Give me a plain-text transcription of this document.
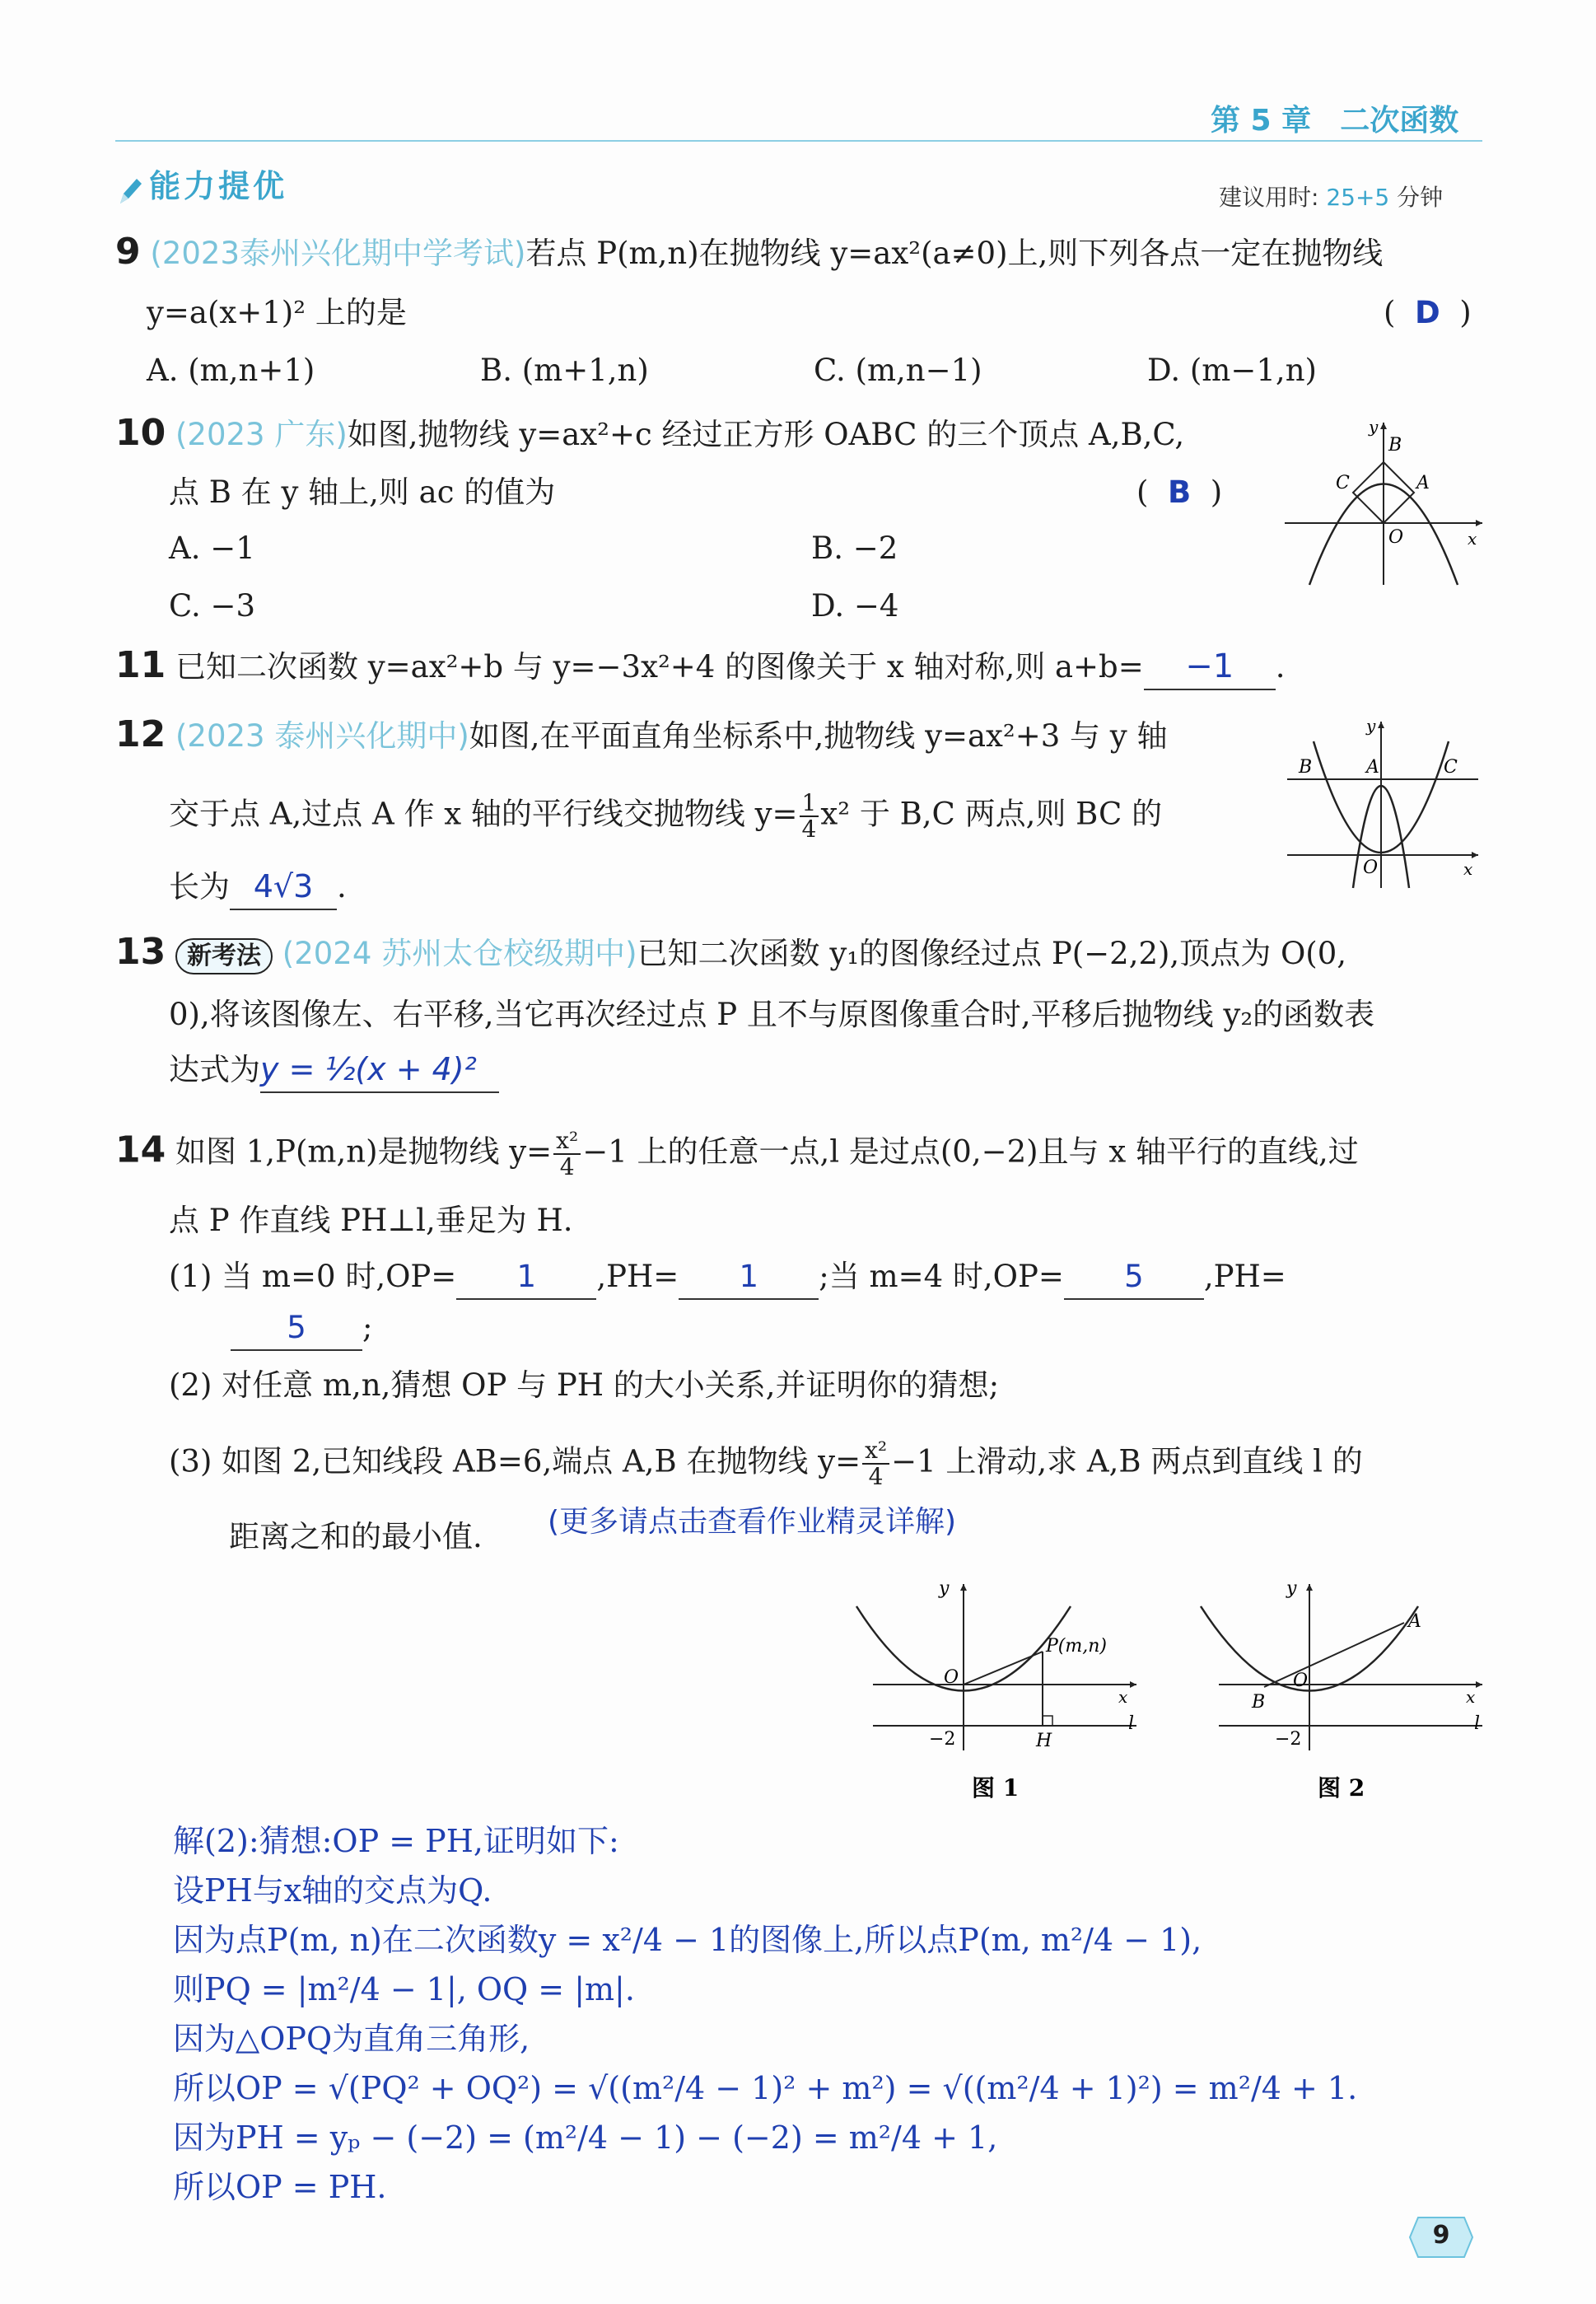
第 5 章 二次函数
能力提优	建议用时: 25+5 分钟
9 (2023泰州兴化期中学考试)若点 P(m,n)在抛物线 y=ax²(a≠0)上,则下列各点一定在抛物线
y=a(x+1)² 上的是	(  D  )
A. (m,n+1)	B. (m+1,n)	C. (m,n−1)	D. (m−1,n)
10 (2023 广东)如图,抛物线 y=ax²+c 经过正方形 OABC 的三个顶点 A,B,C,
点 B 在 y 轴上,则 ac 的值为	(  B  )
A. −1	B. −2
C. −3	D. −4
y
B
C	A
O	x
11 已知二次函数 y=ax²+b 与 y=−3x²+4 的图像关于 x 轴对称,则 a+b= −1 .
12 (2023 泰州兴化期中)如图,在平面直角坐标系中,抛物线 y=ax²+3 与 y 轴
交于点 A,过点 A 作 x 轴的平行线交抛物线 $y= \frac{1}{4} x^2$ 于 B,C 两点,则 BC 的
长为 4√3 .
y
B	A	C
O	x
13 新考法 (2024 苏州太仓校级期中)已知二次函数 y₁的图像经过点 P(−2,2),顶点为 O(0,
0),将该图像左、右平移,当它再次经过点 P 且不与原图像重合时,平移后抛物线 y₂的函数表
达式为y = ½(x + 4)²
14 如图 1,P(m,n)是抛物线 $y= \frac{\text{x²}}{4} -1$ 上的任意一点,l 是过点(0,−2)且与 x 轴平行的直线,过
点 P 作直线 PH⊥l,垂足为 H.
(1) 当 m=0 时,OP= 1 ,PH= 1 ;当 m=4 时,OP= 5 ,PH=
5 ;
(2) 对任意 m,n,猜想 OP 与 PH 的大小关系,并证明你的猜想;
(3) 如图 2,已知线段 AB=6,端点 A,B 在抛物线 $y= \frac{\text{x²}}{4} -1$ 上滑动,求 A,B 两点到直线 l 的
距离之和的最小值. (更多请点击查看作业精灵详解)
y
P(m,n)
O
x
−2	H
l
图 1
y
A
O
B	x
−2
l
图 2
解(2):猜想:OP = PH,证明如下:
设PH与x轴的交点为Q.
因为点P(m, n)在二次函数y = x²/4 − 1的图像上,所以点P(m, m²/4 − 1),
则PQ = |m²/4 − 1|, OQ = |m|.
因为△OPQ为直角三角形,
所以OP = √(PQ² + OQ²) = √((m²/4 − 1)² + m²) = √((m²/4 + 1)²) = m²/4 + 1.
因为PH = yₚ − (−2) = (m²/4 − 1) − (−2) = m²/4 + 1,
所以OP = PH.
9
